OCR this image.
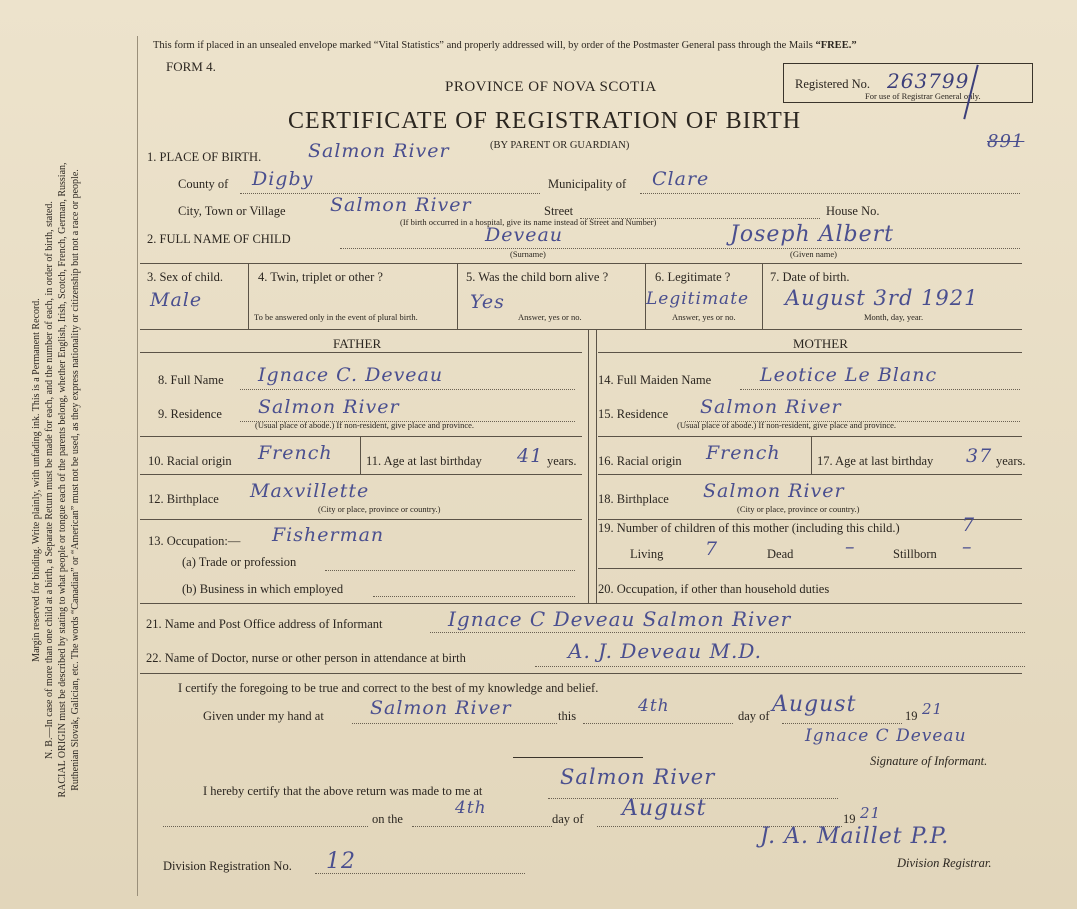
Margin reserved for binding. Write plainly, with unfading ink. This is a Permanent Record. N. B.—In case of more than one child at a birth, a Separate Return must be made for each, and the number of each, in order of birth, stated. RACIAL ORIGIN must be described by stating to what people or tongue each of the parents belong, whether English, Irish, Scotch, French, German, Russian, Ruthenian Slovak, Galician, etc. The words “Canadian” or “American” must not be used, as they express nationality or citizenship but not a race or people.
This form if placed in an unsealed envelope marked “Vital Statistics” and properly addressed will, by order of the Postmaster General pass through the Mails “FREE.”
FORM 4.
PROVINCE OF NOVA SCOTIA
CERTIFICATE OF REGISTRATION OF BIRTH
(BY PARENT OR GUARDIAN)
Registered No. 263799
For use of Registrar General only.
891
1. PLACE OF BIRTH. Salmon River
County of Digby	Municipality of Clare
City, Town or Village Salmon River	Street	House No.
(If birth occurred in a hospital, give its name instead of Street and Number)
2. FULL NAME OF CHILD	Deveau	Joseph Albert
(Surname)	(Given name)
3. Sex of child.
Male
4. Twin, triplet or other ?
To be answered only in the event of plural birth.
5. Was the child born alive ?
Yes
Answer, yes or no.
6. Legitimate ?
Legitimate
Answer, yes or no.
7. Date of birth.
August 3rd 1921
Month, day, year.
FATHER	MOTHER
8. Full Name Ignace C. Deveau
9. Residence Salmon River
(Usual place of abode.) If non-resident, give place and province.
10. Racial origin French	11. Age at last birthday 41 years.
12. Birthplace Maxvillette
(City or place, province or country.)
13. Occupation:— Fisherman
(a) Trade or profession
(b) Business in which employed
14. Full Maiden Name	Leotice Le Blanc
15. Residence Salmon River
(Usual place of abode.) If non-resident, give place and province.
16. Racial origin French	17. Age at last birthday 37 years.
18. Birthplace Salmon River
(City or place, province or country.)
19. Number of children of this mother (including this child.)	7
Living 7	Dead	–	Stillborn –
20. Occupation, if other than household duties
21. Name and Post Office address of Informant	Ignace C Deveau Salmon River
22. Name of Doctor, nurse or other person in attendance at birth	A. J. Deveau M.D.
I certify the foregoing to be true and correct to the best of my knowledge and belief.
Given under my hand at Salmon River	this	4th	day of August	19 21
Ignace C Deveau
Signature of Informant.
I hereby certify that the above return was made to me at
Salmon River
on the
4th
day of August	19 21
J. A. Maillet P.P.
Division Registrar.
Division Registration No. 12
